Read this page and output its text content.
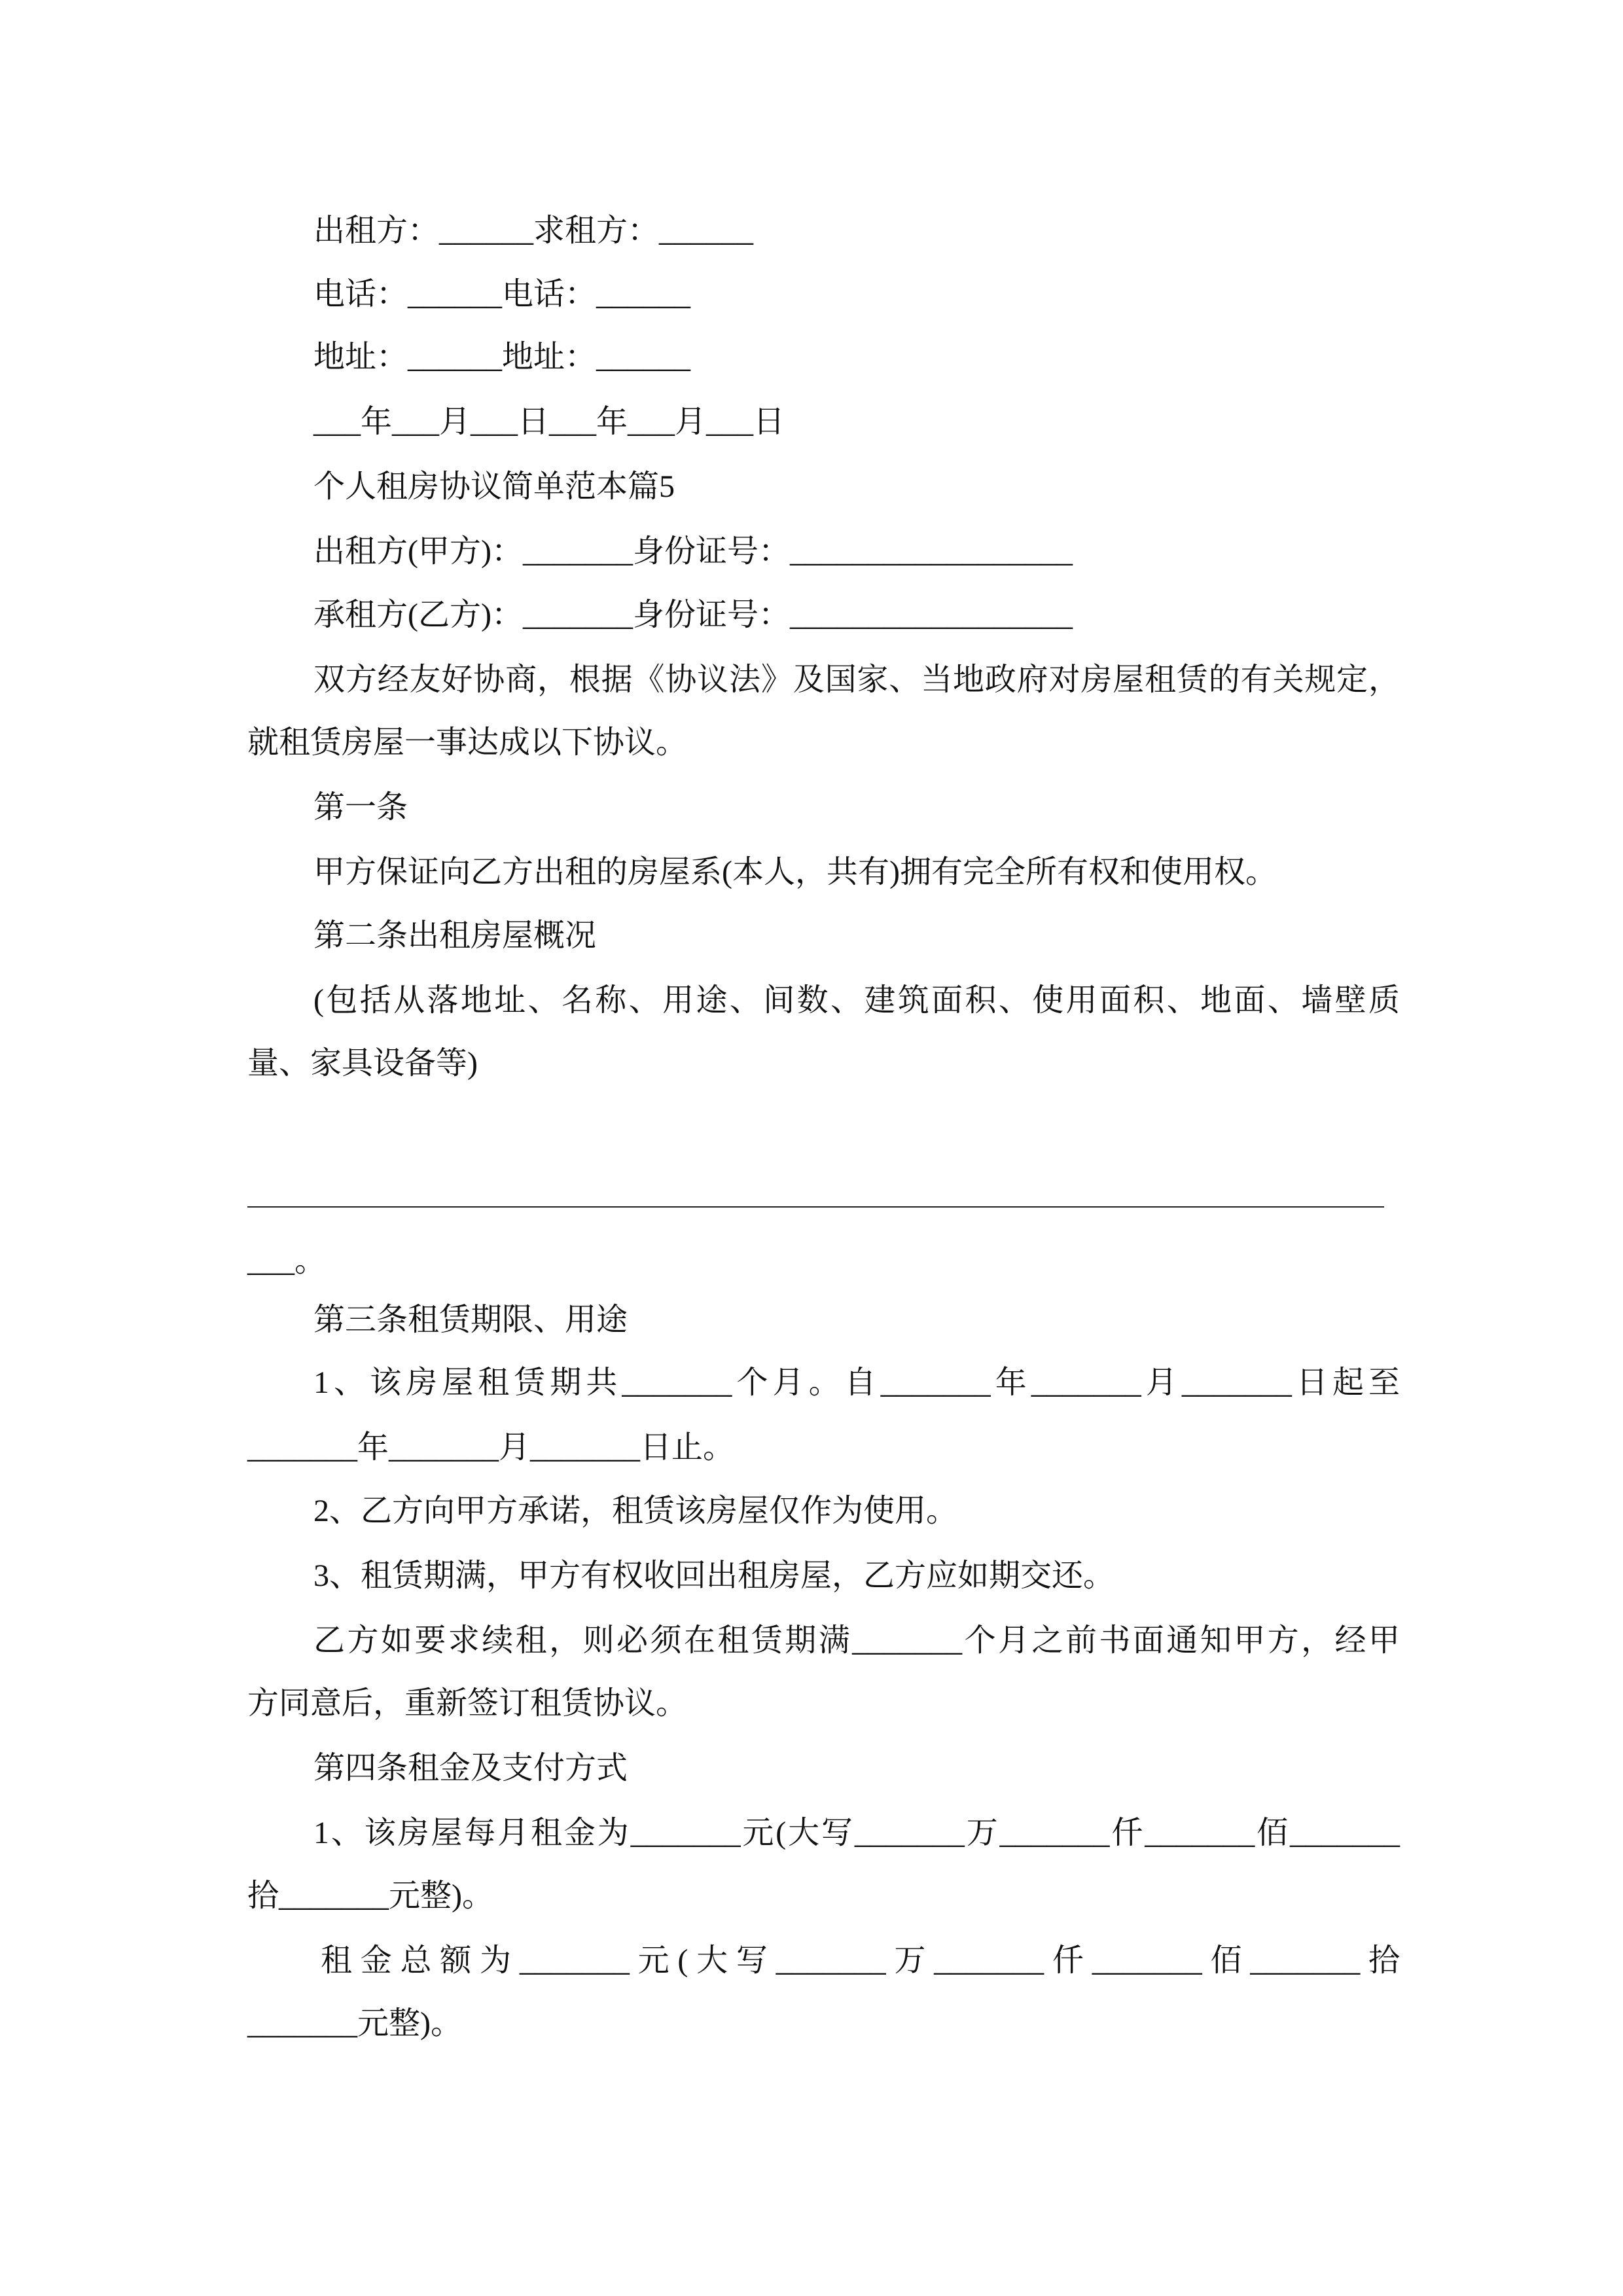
出租方：______求租方：______
电话：______电话：______
地址：______地址：______
___年___月___日___年___月___日
个人租房协议简单范本篇5
出租方(甲方)：_______身份证号：__________________
承租方(乙方)：_______身份证号：__________________
双方经友好协商，根据《协议法》及国家、当地政府对房屋租赁的有关规定，
就租赁房屋一事达成以下协议。
第一条
甲方保证向乙方出租的房屋系(本人，共有)拥有完全所有权和使用权。
第二条出租房屋概况
(包括从落地址、名称、用途、间数、建筑面积、使用面积、地面、墙壁质
量、家具设备等)
___。
第三条租赁期限、用途
1、该房屋租赁期共_______个月。自_______年_______月_______日起至
_______年_______月_______日止。
2、乙方向甲方承诺，租赁该房屋仅作为使用。
3、租赁期满，甲方有权收回出租房屋，乙方应如期交还。
乙方如要求续租，则必须在租赁期满_______个月之前书面通知甲方，经甲
方同意后，重新签订租赁协议。
第四条租金及支付方式
1、该房屋每月租金为_______元(大写_______万_______仟_______佰_______
拾_______元整)。
租金总额为_______元(大写_______万_______仟_______佰_______拾
_______元整)。
